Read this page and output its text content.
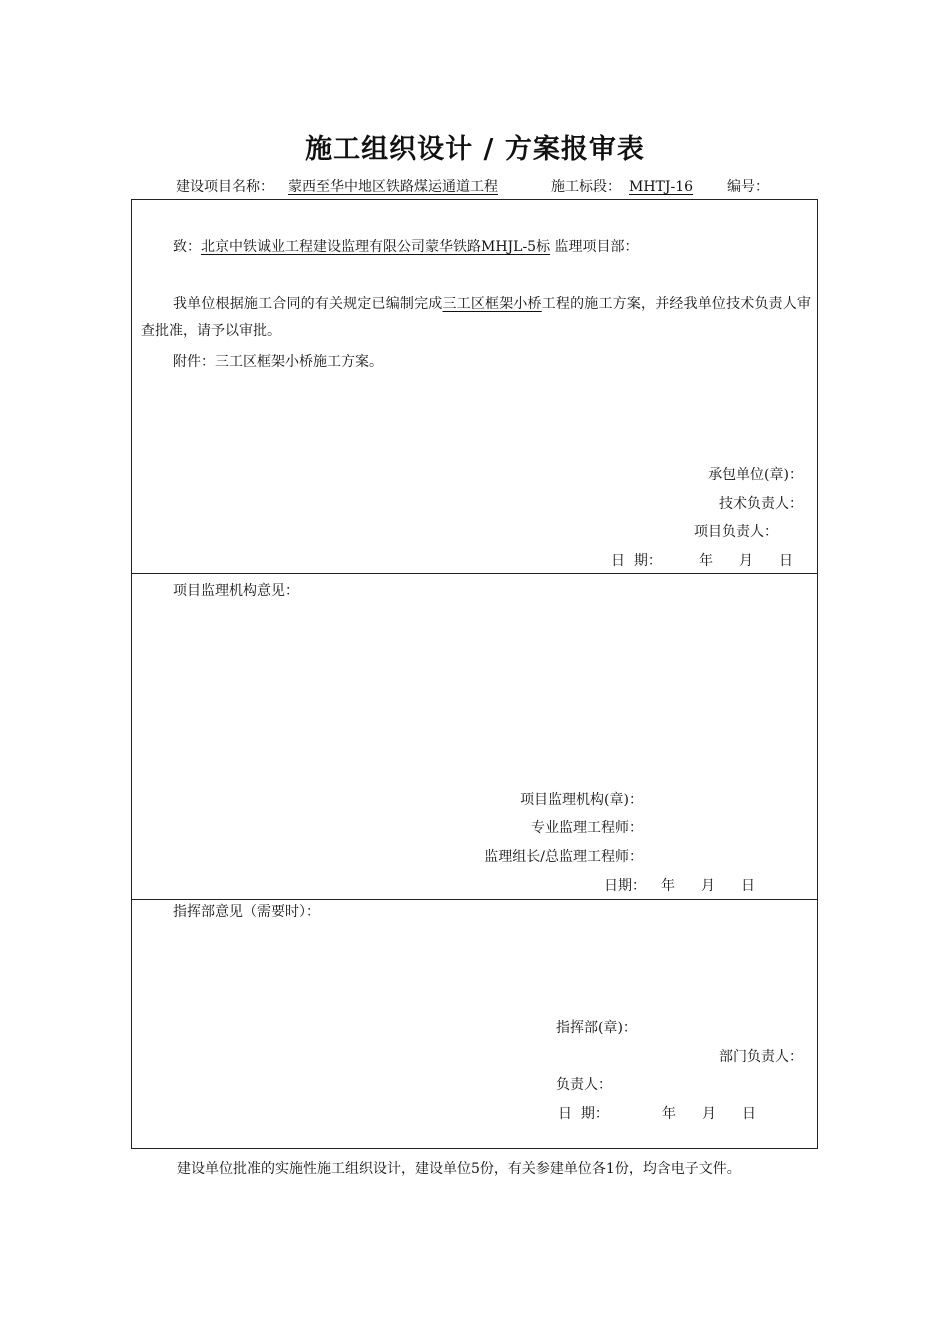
施工组织设计 / 方案报审表
建设项目名称： 蒙西至华中地区铁路煤运通道工程	施工标段： MHTJ-16 编号：
致：北京中铁诚业工程建设监理有限公司蒙华铁路MHJL-5标 监理项目部：
我单位根据施工合同的有关规定已编制完成三工区框架小桥工程的施工方案，并经我单位技术负责人审查批准，请予以审批。
附件：三工区框架小桥施工方案。
承包单位(章)：
技术负责人：
项目负责人：
日  期：	年 月 日
项目监理机构意见：
项目监理机构(章)：
专业监理工程师：
监理组长/总监理工程师：
日期： 年 月 日
指挥部意见（需要时）：
指挥部(章)：
部门负责人：
负责人：
日  期：	年 月 日
建设单位批准的实施性施工组织设计，建设单位5份，有关参建单位各1份，均含电子文件。
